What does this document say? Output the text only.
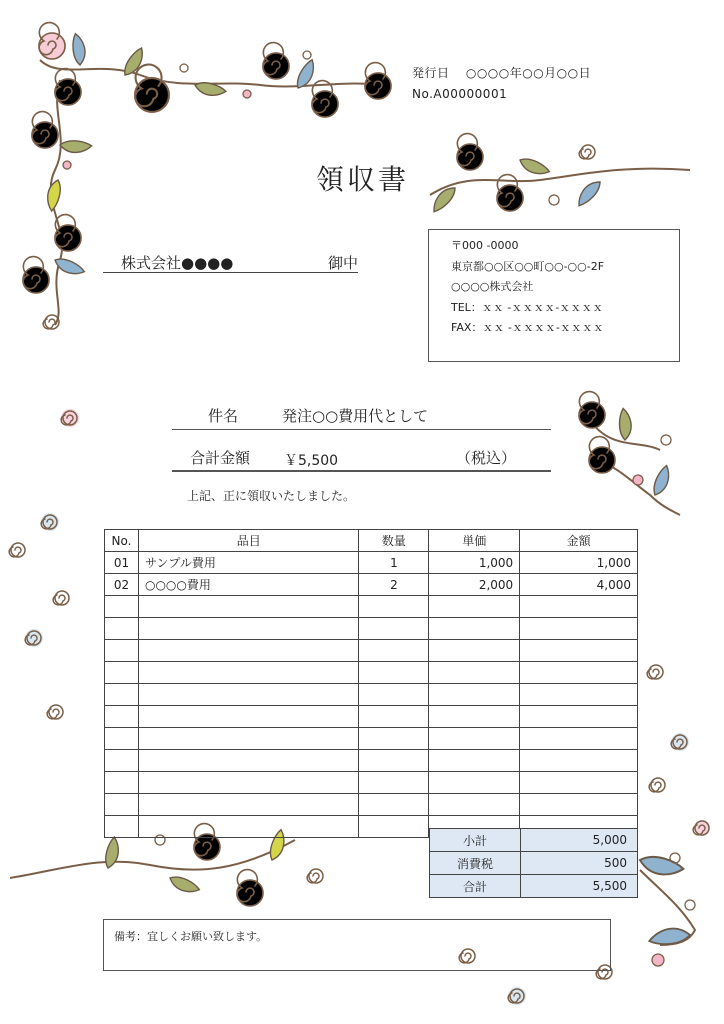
発行日 ○○○○年○○月○○日
No.A00000001
領収書
株式会社●●●●	御中
〒000 -0000
東京都○○区○○町○○-○○-2F
○○○○株式会社
TEL：ｘｘ -ｘｘｘｘ-ｘｘｘｘ
FAX：ｘｘ -ｘｘｘｘ-ｘｘｘｘ
件名	発注○○費用代として
合計金額 ￥5,500	（税込）
上記、正に領収いたしました。
No.	品目	数量	単価	金額
01	サンプル費用	1	1,000	1,000
02	○○○○費用	2	2,000	4,000

小計	5,000
消費税	500
合計	5,500
備考：宜しくお願い致します。
